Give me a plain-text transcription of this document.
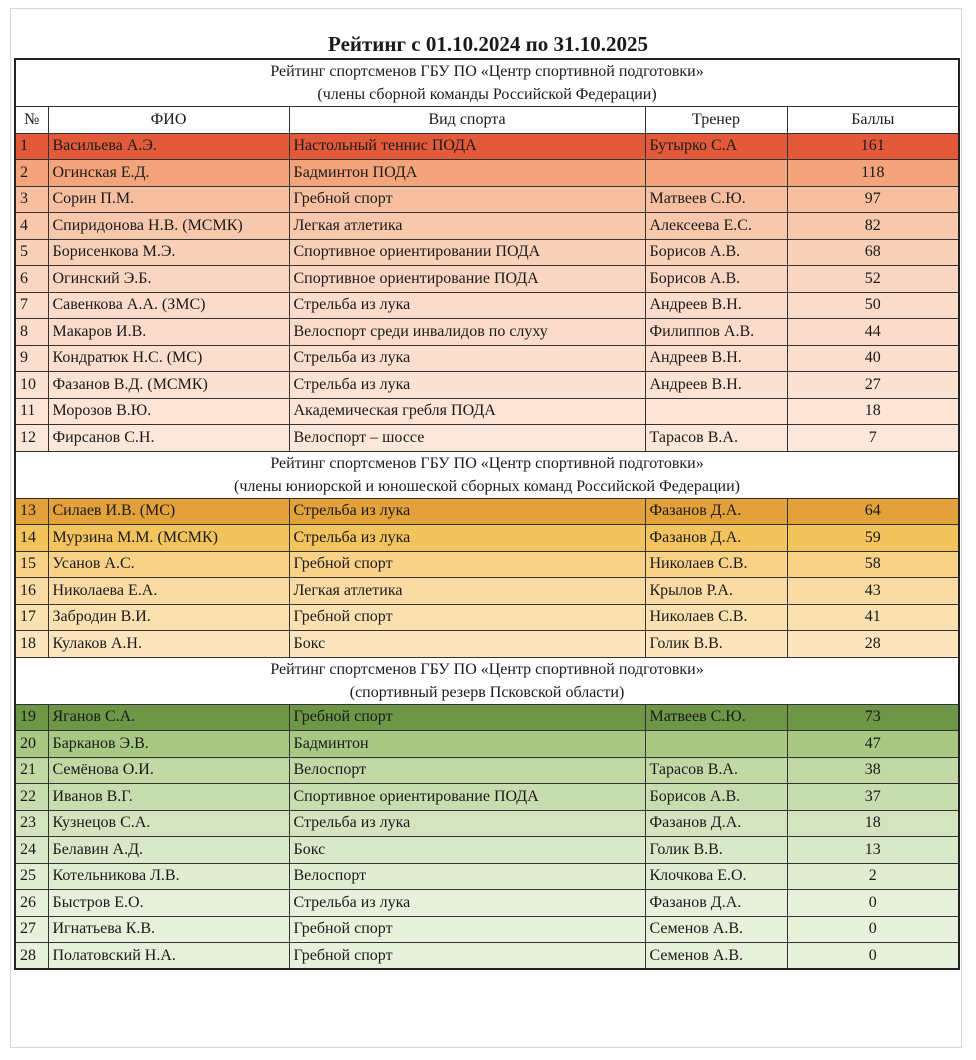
Рейтинг с 01.10.2024 по 31.10.2025
Рейтинг спортсменов ГБУ ПО «Центр спортивной подготовки»
(члены сборной команды Российской Федерации)				

№	ФИО	Вид спорта	Тренер	Баллы
1	Васильева А.Э.	Настольный теннис ПОДА	Бутырко С.А	161
2	Огинская Е.Д.	Бадминтон ПОДА		118
3	Сорин П.М.	Гребной спорт	Матвеев С.Ю.	97
4	Спиридонова Н.В. (МСМК)	Легкая атлетика	Алексеева Е.С.	82
5	Борисенкова М.Э.	Спортивное ориентировании ПОДА	Борисов А.В.	68
6	Огинский Э.Б.	Спортивное ориентирование ПОДА	Борисов А.В.	52
7	Савенкова А.А. (ЗМС)	Стрельба из лука	Андреев В.Н.	50
8	Макаров И.В.	Велоспорт среди инвалидов по слуху	Филиппов А.В.	44
9	Кондратюк Н.С. (МС)	Стрельба из лука	Андреев В.Н.	40
10	Фазанов В.Д. (МСМК)	Стрельба из лука	Андреев В.Н.	27
11	Морозов В.Ю.	Академическая гребля ПОДА		18
12	Фирсанов С.Н.	Велоспорт – шоссе	Тарасов В.А.	7

Рейтинг спортсменов ГБУ ПО «Центр спортивной подготовки»
(члены юниорской и юношеской сборных команд Российской Федерации)				

13	Силаев И.В. (МС)	Стрельба из лука	Фазанов Д.А.	64
14	Мурзина М.М. (МСМК)	Стрельба из лука	Фазанов Д.А.	59
15	Усанов А.С.	Гребной спорт	Николаев С.В.	58
16	Николаева Е.А.	Легкая атлетика	Крылов Р.А.	43
17	Забродин В.И.	Гребной спорт	Николаев С.В.	41
18	Кулаков А.Н.	Бокс	Голик В.В.	28

Рейтинг спортсменов ГБУ ПО «Центр спортивной подготовки»
(спортивный резерв Псковской области)				

19	Яганов С.А.	Гребной спорт	Матвеев С.Ю.	73
20	Барканов Э.В.	Бадминтон		47
21	Семёнова О.И.	Велоспорт	Тарасов В.А.	38
22	Иванов В.Г.	Спортивное ориентирование ПОДА	Борисов А.В.	37
23	Кузнецов С.А.	Стрельба из лука	Фазанов Д.А.	18
24	Белавин А.Д.	Бокс	Голик В.В.	13
25	Котельникова Л.В.	Велоспорт	Клочкова Е.О.	2
26	Быстров Е.О.	Стрельба из лука	Фазанов Д.А.	0
27	Игнатьева К.В.	Гребной спорт	Семенов А.В.	0
28	Полатовский Н.А.	Гребной спорт	Семенов А.В.	0
